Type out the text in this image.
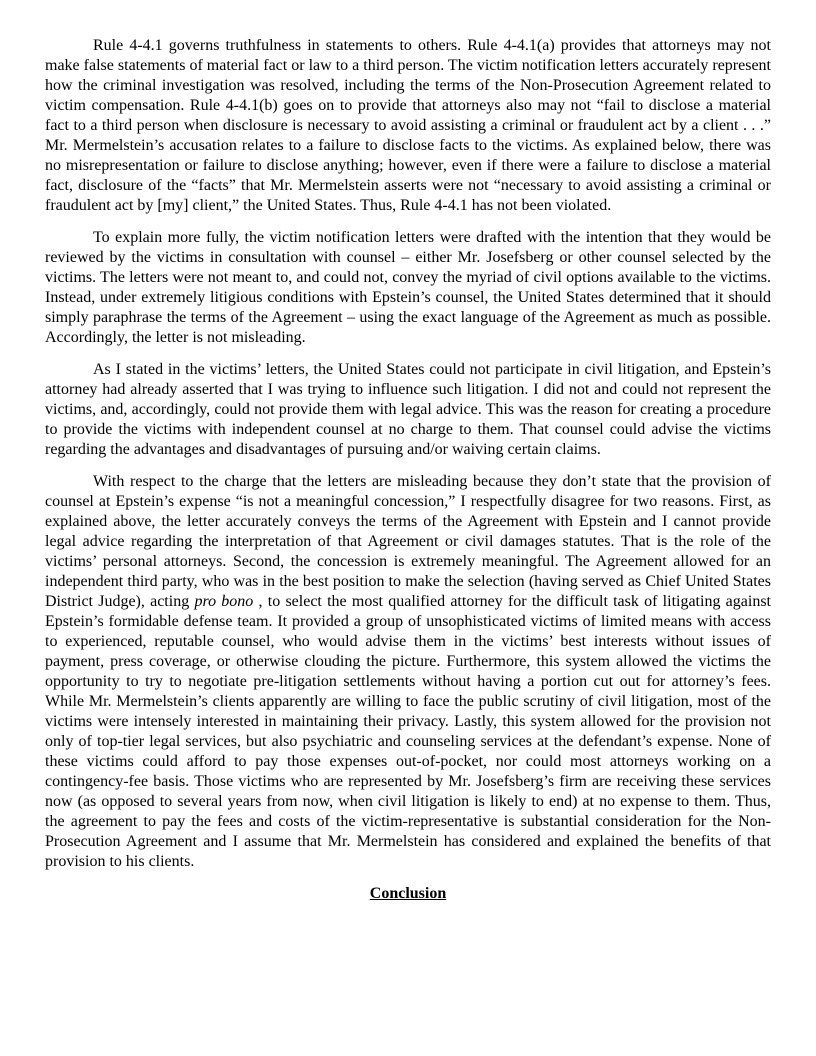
Rule 4-4.1 governs truthfulness in statements to others. Rule 4-4.1(a) provides that attorneys may not make false statements of material fact or law to a third person. The victim notification letters accurately represent how the criminal investigation was resolved, including the terms of the Non-Prosecution Agreement related to victim compensation. Rule 4-4.1(b) goes on to provide that attorneys also may not “fail to disclose a material fact to a third person when disclosure is necessary to avoid assisting a criminal or fraudulent act by a client . . .” Mr. Mermelstein’s accusation relates to a failure to disclose facts to the victims. As explained below, there was no misrepresentation or failure to disclose anything; however, even if there were a failure to disclose a material fact, disclosure of the “facts” that Mr. Mermelstein asserts were not “necessary to avoid assisting a criminal or fraudulent act by [my] client,” the United States. Thus, Rule 4-4.1 has not been violated.

To explain more fully, the victim notification letters were drafted with the intention that they would be reviewed by the victims in consultation with counsel – either Mr. Josefsberg or other counsel selected by the victims. The letters were not meant to, and could not, convey the myriad of civil options available to the victims. Instead, under extremely litigious conditions with Epstein’s counsel, the United States determined that it should simply paraphrase the terms of the Agreement – using the exact language of the Agreement as much as possible. Accordingly, the letter is not misleading.

As I stated in the victims’ letters, the United States could not participate in civil litigation, and Epstein’s attorney had already asserted that I was trying to influence such litigation. I did not and could not represent the victims, and, accordingly, could not provide them with legal advice. This was the reason for creating a procedure to provide the victims with independent counsel at no charge to them. That counsel could advise the victims regarding the advantages and disadvantages of pursuing and/or waiving certain claims.

With respect to the charge that the letters are misleading because they don’t state that the provision of counsel at Epstein’s expense “is not a meaningful concession,” I respectfully disagree for two reasons. First, as explained above, the letter accurately conveys the terms of the Agreement with Epstein and I cannot provide legal advice regarding the interpretation of that Agreement or civil damages statutes. That is the role of the victims’ personal attorneys. Second, the concession is extremely meaningful. The Agreement allowed for an independent third party, who was in the best position to make the selection (having served as Chief United States District Judge), acting pro bono , to select the most qualified attorney for the difficult task of litigating against Epstein’s formidable defense team. It provided a group of unsophisticated victims of limited means with access to experienced, reputable counsel, who would advise them in the victims’ best interests without issues of payment, press coverage, or otherwise clouding the picture. Furthermore, this system allowed the victims the opportunity to try to negotiate pre-litigation settlements without having a portion cut out for attorney’s fees. While Mr. Mermelstein’s clients apparently are willing to face the public scrutiny of civil litigation, most of the victims were intensely interested in maintaining their privacy. Lastly, this system allowed for the provision not only of top-tier legal services, but also psychiatric and counseling services at the defendant’s expense. None of these victims could afford to pay those expenses out-of-pocket, nor could most attorneys working on a contingency-fee basis. Those victims who are represented by Mr. Josefsberg’s firm are receiving these services now (as opposed to several years from now, when civil litigation is likely to end) at no expense to them. Thus, the agreement to pay the fees and costs of the victim-representative is substantial consideration for the Non-Prosecution Agreement and I assume that Mr. Mermelstein has considered and explained the benefits of that provision to his clients.

Conclusion
